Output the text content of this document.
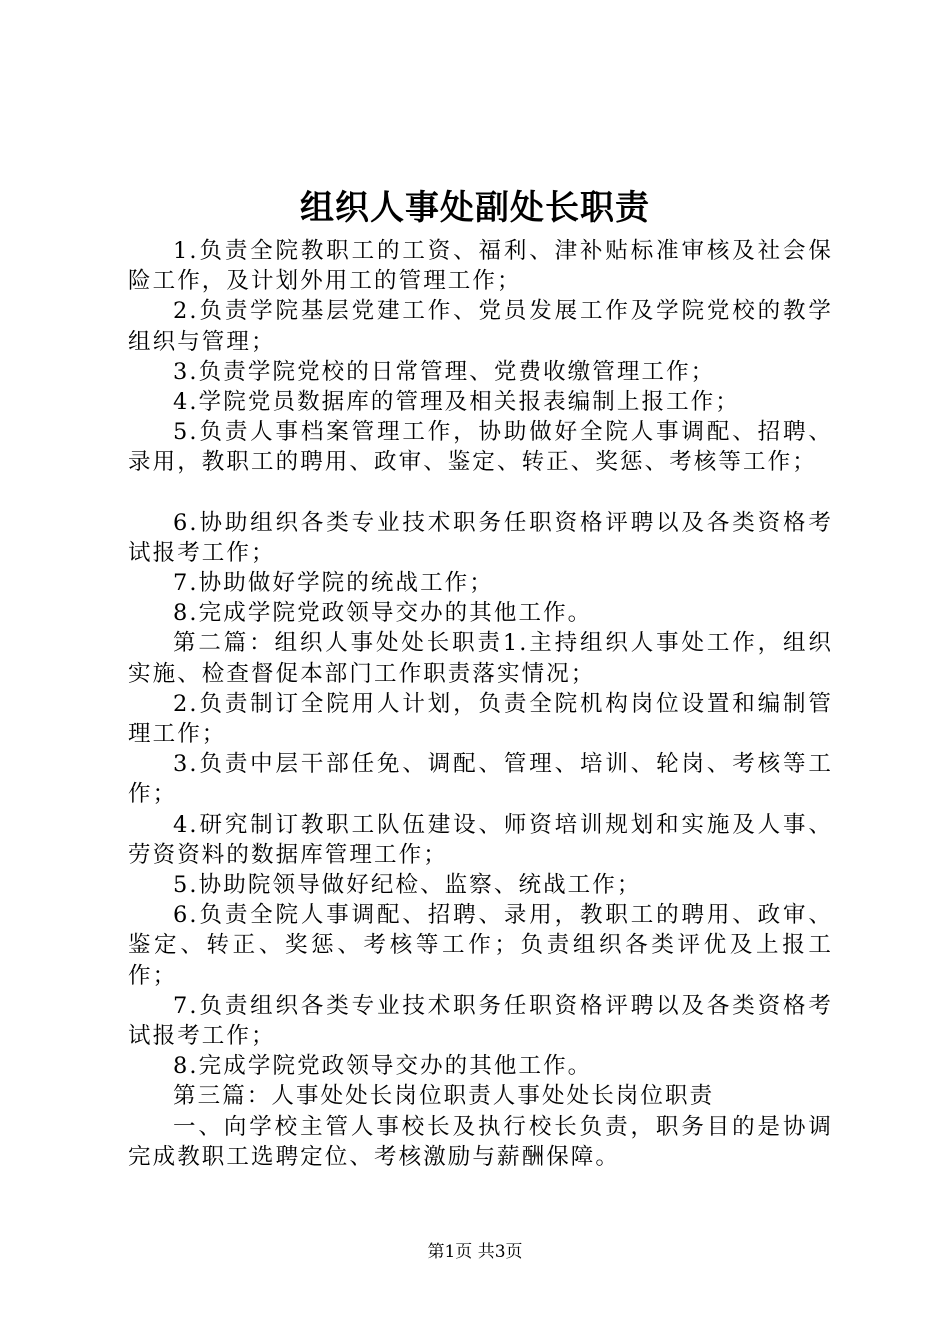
组织人事处副处长职责

1.负责全院教职工的工资、福利、津补贴标准审核及社会保险工作，及计划外用工的管理工作；

2.负责学院基层党建工作、党员发展工作及学院党校的教学组织与管理；

3.负责学院党校的日常管理、党费收缴管理工作；

4.学院党员数据库的管理及相关报表编制上报工作；

5.负责人事档案管理工作，协助做好全院人事调配、招聘、录用，教职工的聘用、政审、鉴定、转正、奖惩、考核等工作；

6.协助组织各类专业技术职务任职资格评聘以及各类资格考试报考工作；

7.协助做好学院的统战工作；

8.完成学院党政领导交办的其他工作。

第二篇：组织人事处处长职责1.主持组织人事处工作，组织实施、检查督促本部门工作职责落实情况；

2.负责制订全院用人计划，负责全院机构岗位设置和编制管理工作；

3.负责中层干部任免、调配、管理、培训、轮岗、考核等工作；

4.研究制订教职工队伍建设、师资培训规划和实施及人事、劳资资料的数据库管理工作；

5.协助院领导做好纪检、监察、统战工作；

6.负责全院人事调配、招聘、录用，教职工的聘用、政审、鉴定、转正、奖惩、考核等工作；负责组织各类评优及上报工作；

7.负责组织各类专业技术职务任职资格评聘以及各类资格考试报考工作；

8.完成学院党政领导交办的其他工作。

第三篇：人事处处长岗位职责人事处处长岗位职责

一、向学校主管人事校长及执行校长负责，职务目的是协调完成教职工选聘定位、考核激励与薪酬保障。

第1页 共3页
